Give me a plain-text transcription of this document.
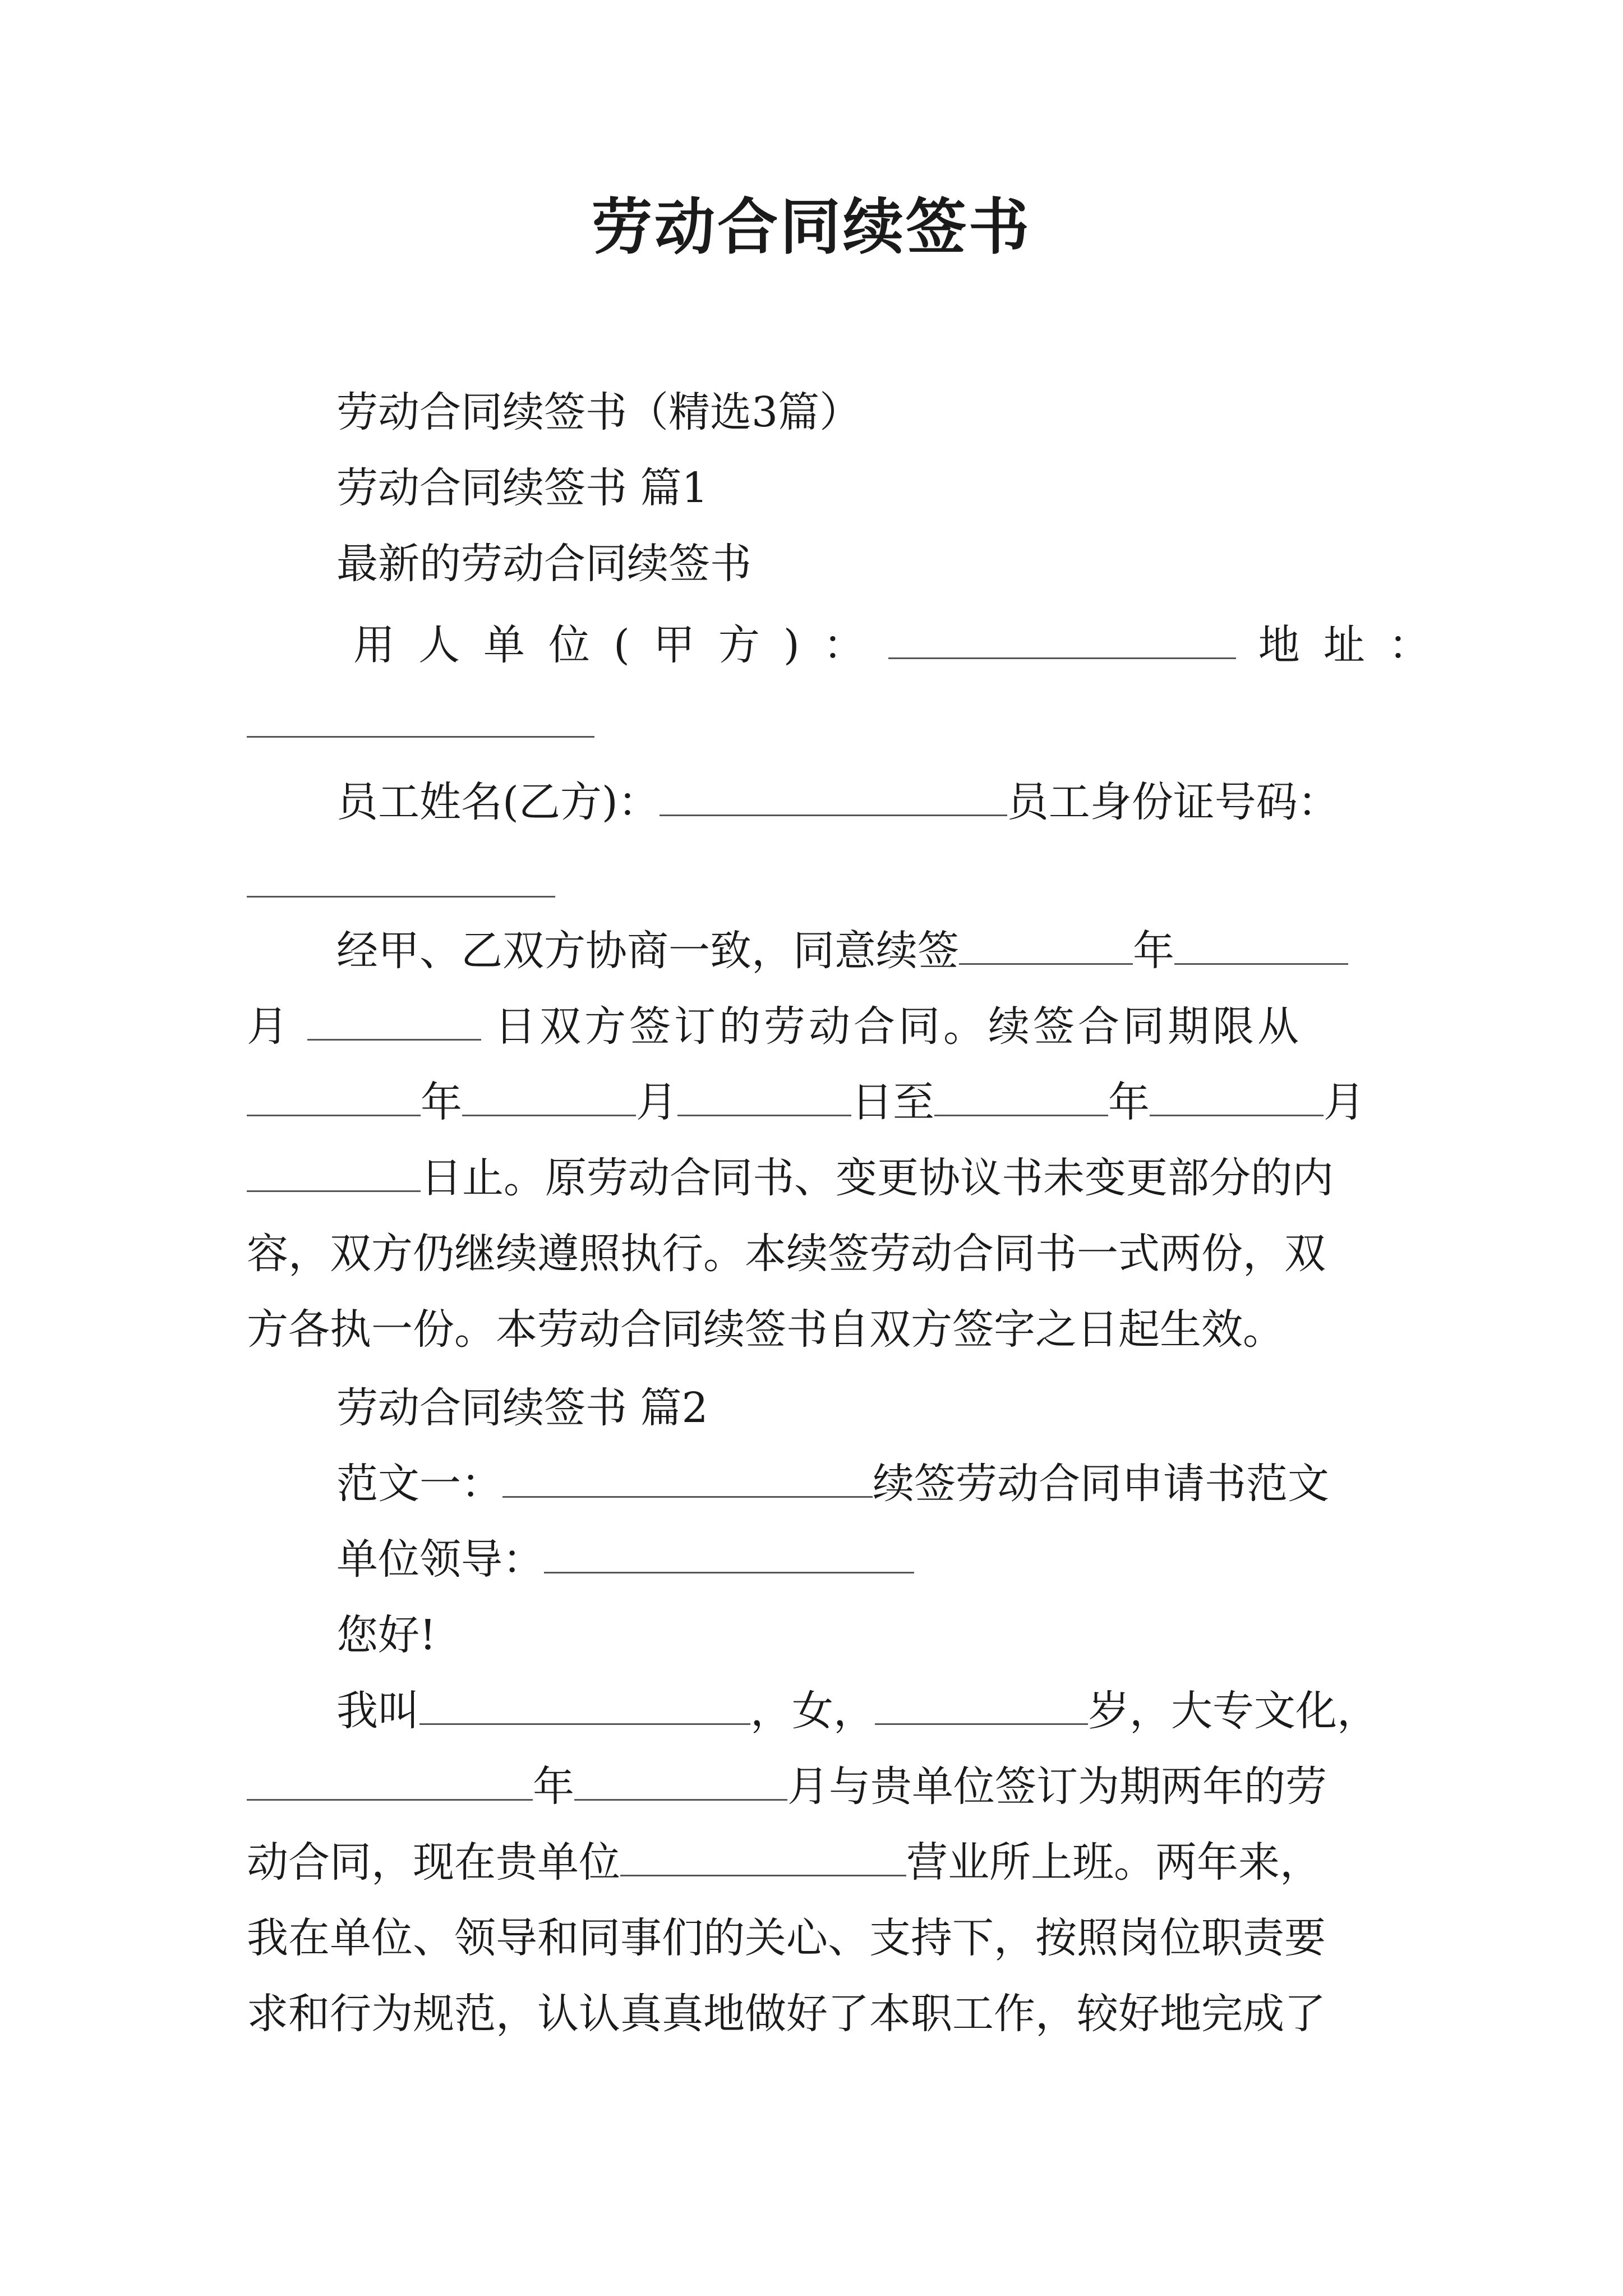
劳动合同续签书
劳动合同续签书（精选3篇）
劳动合同续签书 篇1
最新的劳动合同续签书
用人单位(甲方)：	地址：
员工姓名(乙方)：	员工身份证号码：
经甲、乙双方协商一致，同意续签	年
月	日双方签订的劳动合同。续签合同期限从
年	月	日至	年	月
日止。原劳动合同书、变更协议书未变更部分的内
容，双方仍继续遵照执行。本续签劳动合同书一式两份，双
方各执一份。本劳动合同续签书自双方签字之日起生效。
劳动合同续签书 篇2
范文一：	续签劳动合同申请书范文
单位领导：
您好!
我叫	，女，	岁，大专文化，
年	月与贵单位签订为期两年的劳
动合同，现在贵单位	营业所上班。两年来，
我在单位、领导和同事们的关心、支持下，按照岗位职责要
求和行为规范，认认真真地做好了本职工作，较好地完成了
